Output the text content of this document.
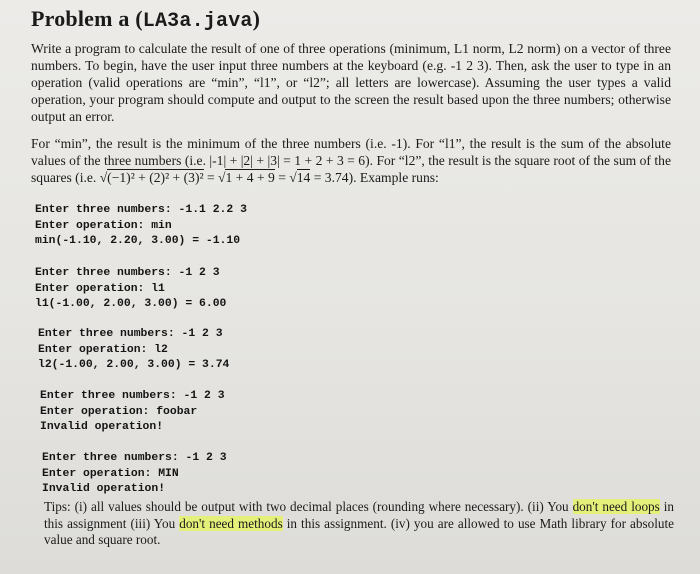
Problem a (LA3a.java)
Write a program to calculate the result of one of three operations (minimum, L1 norm, L2 norm) on a vector of three numbers. To begin, have the user input three numbers at the keyboard (e.g. -1 2 3). Then, ask the user to type in an operation (valid operations are “min”, “l1”, or “l2”; all letters are lowercase). Assuming the user types a valid operation, your program should compute and output to the screen the result based upon the three numbers; otherwise output an error.
For “min”, the result is the minimum of the three numbers (i.e. -1). For “l1”, the result is the sum of the absolute values of the three numbers (i.e. |-1| + |2| + |3| = 1 + 2 + 3 = 6). For “l2”, the result is the square root of the sum of the squares (i.e. √(−1)² + (2)² + (3)² = √1 + 4 + 9 = √14 = 3.74). Example runs:
Enter three numbers: -1.1 2.2 3
Enter operation: min
min(-1.10, 2.20, 3.00) = -1.10
Enter three numbers: -1 2 3
Enter operation: l1
l1(-1.00, 2.00, 3.00) = 6.00
Enter three numbers: -1 2 3
Enter operation: l2
l2(-1.00, 2.00, 3.00) = 3.74
Enter three numbers: -1 2 3
Enter operation: foobar
Invalid operation!
Enter three numbers: -1 2 3
Enter operation: MIN
Invalid operation!
Tips: (i) all values should be output with two decimal places (rounding where necessary). (ii) You don't need loops in this assignment (iii) You don't need methods in this assignment. (iv) you are allowed to use Math library for absolute value and square root.
